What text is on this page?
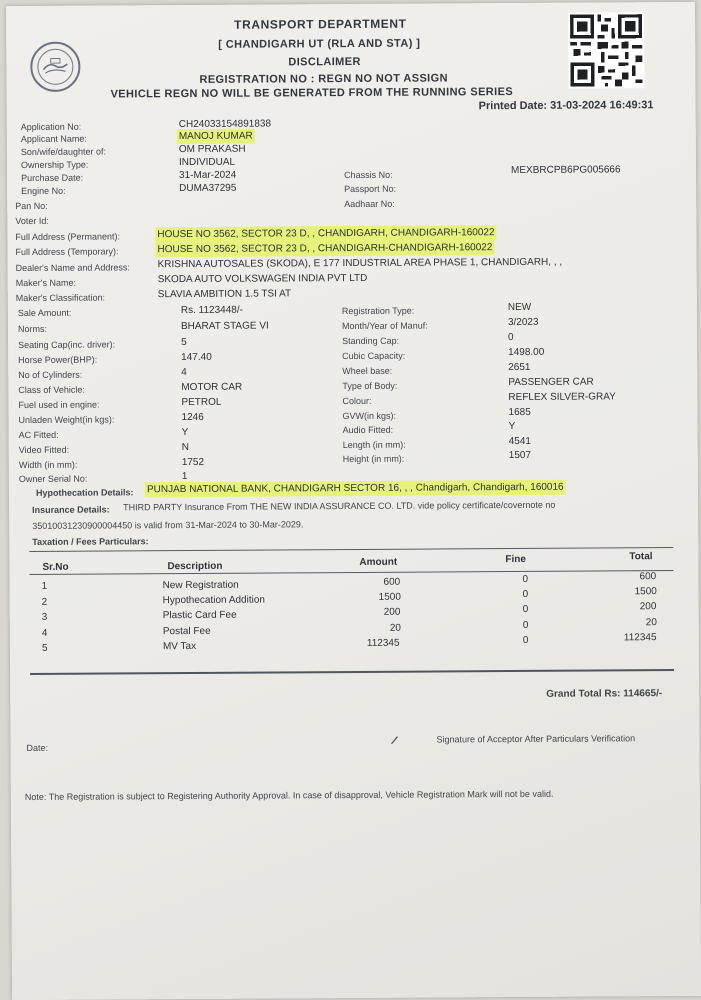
TRANSPORT DEPARTMENT
[ CHANDIGARH UT (RLA AND STA) ]
DISCLAIMER
REGISTRATION NO : REGN NO NOT ASSIGN
VEHICLE REGN NO WILL BE GENERATED FROM THE RUNNING SERIES
Printed Date: 31-03-2024 16:49:31
Application No:	CH24033154891838
Applicant Name:	MANOJ KUMAR
Son/wife/daughter of:	OM PRAKASH
Ownership Type:	INDIVIDUAL
Purchase Date:	31-Mar-2024
Engine No:	DUMA37295
Pan No:
Voter Id:
Chassis No:	MEXBRCPB6PG005666
Passport No:
Aadhaar No:
Full Address (Permanent):	HOUSE NO 3562, SECTOR 23 D, , CHANDIGARH, CHANDIGARH-160022
Full Address (Temporary):	HOUSE NO 3562, SECTOR 23 D, , CHANDIGARH-CHANDIGARH-160022
Dealer's Name and Address:	KRISHNA AUTOSALES (SKODA), E 177 INDUSTRIAL AREA PHASE 1, CHANDIGARH, , ,
Maker's Name:	SKODA AUTO VOLKSWAGEN INDIA PVT LTD
Maker's Classification:	SLAVIA AMBITION 1.5 TSI AT
Sale Amount:	Rs. 1123448/-
Norms:	BHARAT STAGE VI
Seating Cap(inc. driver):	5
Horse Power(BHP):	147.40
No of Cylinders:	4
Class of Vehicle:	MOTOR CAR
Fuel used in engine:	PETROL
Unladen Weight(in kgs):	1246
AC Fitted:	Y
Video Fitted:	N
Width (in mm):	1752
Owner Serial No:	1
Registration Type:	NEW
Month/Year of Manuf:	3/2023
Standing Cap:	0
Cubic Capacity:	1498.00
Wheel base:	2651
Type of Body:	PASSENGER CAR
Colour:	REFLEX SILVER-GRAY
GVW(in kgs):	1685
Audio Fitted:	Y
Length (in mm):	4541
Height (in mm):	1507
Hypothecation Details: PUNJAB NATIONAL BANK, CHANDIGARH SECTOR 16, , , Chandigarh, Chandigarh, 160016
Insurance Details: THIRD PARTY Insurance From THE NEW INDIA ASSURANCE CO. LTD. vide policy certificate/covernote no
35010031230900004450 is valid from 31-Mar-2024 to 30-Mar-2029.
Taxation / Fees Particulars:
Sr.No	Description	Amount	Fine	Total
1	New Registration	600	0	600
2	Hypothecation Addition	1500	0	1500
3	Plastic Card Fee	200	0	200
4	Postal Fee	20	0	20
5	MV Tax	112345	0	112345
Grand Total Rs: 114665/-
Date:
Signature of Acceptor After Particulars Verification
Note: The Registration is subject to Registering Authority Approval. In case of disapproval, Vehicle Registration Mark will not be valid.
